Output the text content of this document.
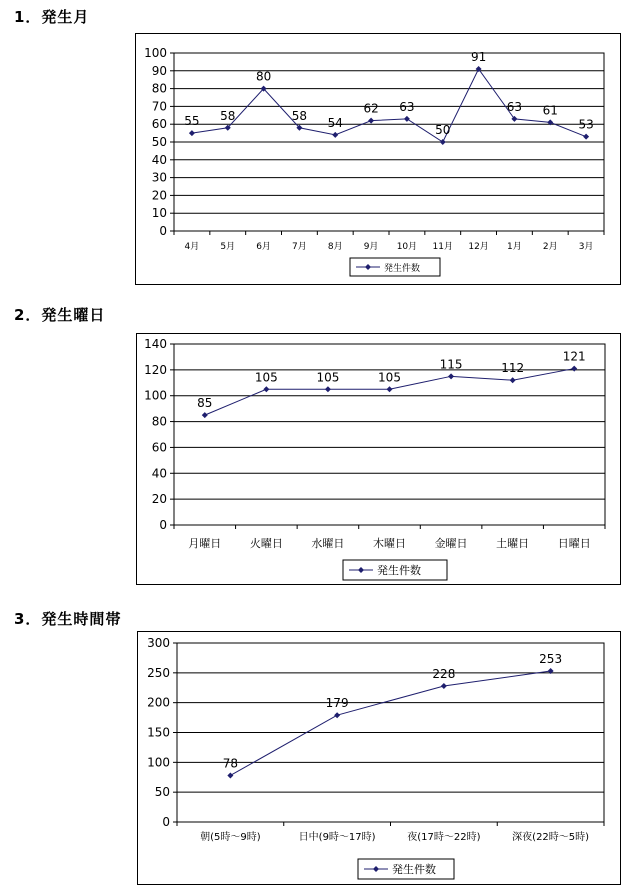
1．発生月
0
10
20
30
40
50
60
70
80
90
100
4月 5月 6月 7月 8月 9月 10月 11月 12月 1月 2月 3月
55 58
80
58
54
62 63
50
91
63 61
53
発生件数
2．発生曜日
0
20
40
60
80
100
120
140
月曜日	火曜日	水曜日	木曜日	金曜日	土曜日	日曜日
85
105	105	105
115	112
121
発生件数
3．発生時間帯
0
50
100
150
200
250
300
朝(5時～9時)	日中(9時～17時)	夜(17時～22時)	深夜(22時～5時)
78
179
228
253
発生件数
